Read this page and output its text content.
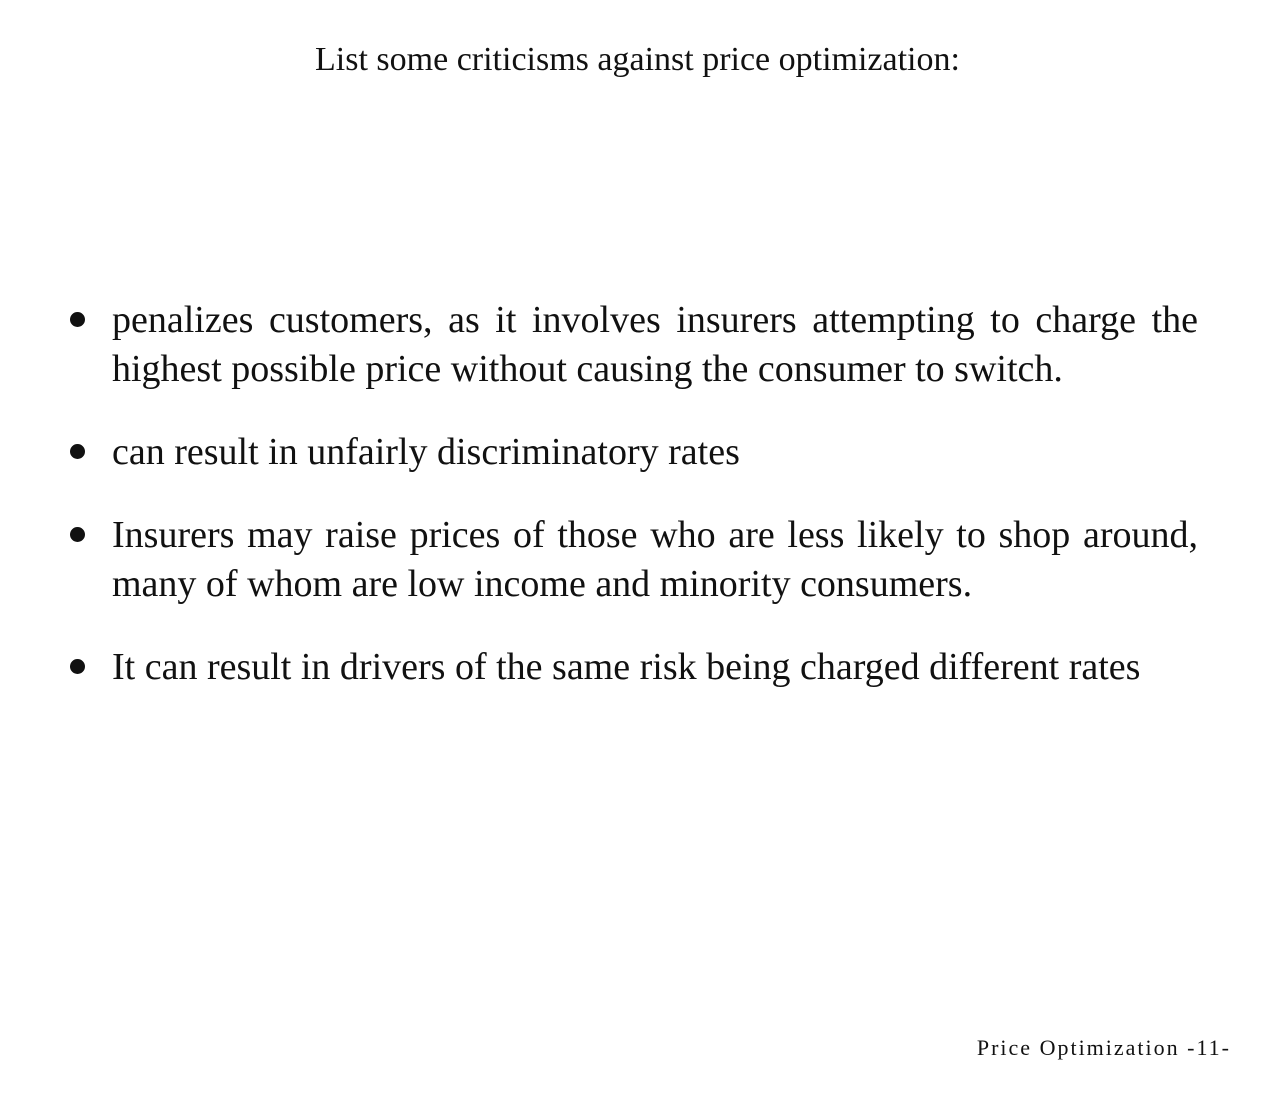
List some criticisms against price optimization:
penalizes customers, as it involves insurers attempting to charge the highest possible price without causing the consumer to switch.
can result in unfairly discriminatory rates
Insurers may raise prices of those who are less likely to shop around, many of whom are low income and minority consumers.
It can result in drivers of the same risk being charged different rates
Price Optimization -11-
